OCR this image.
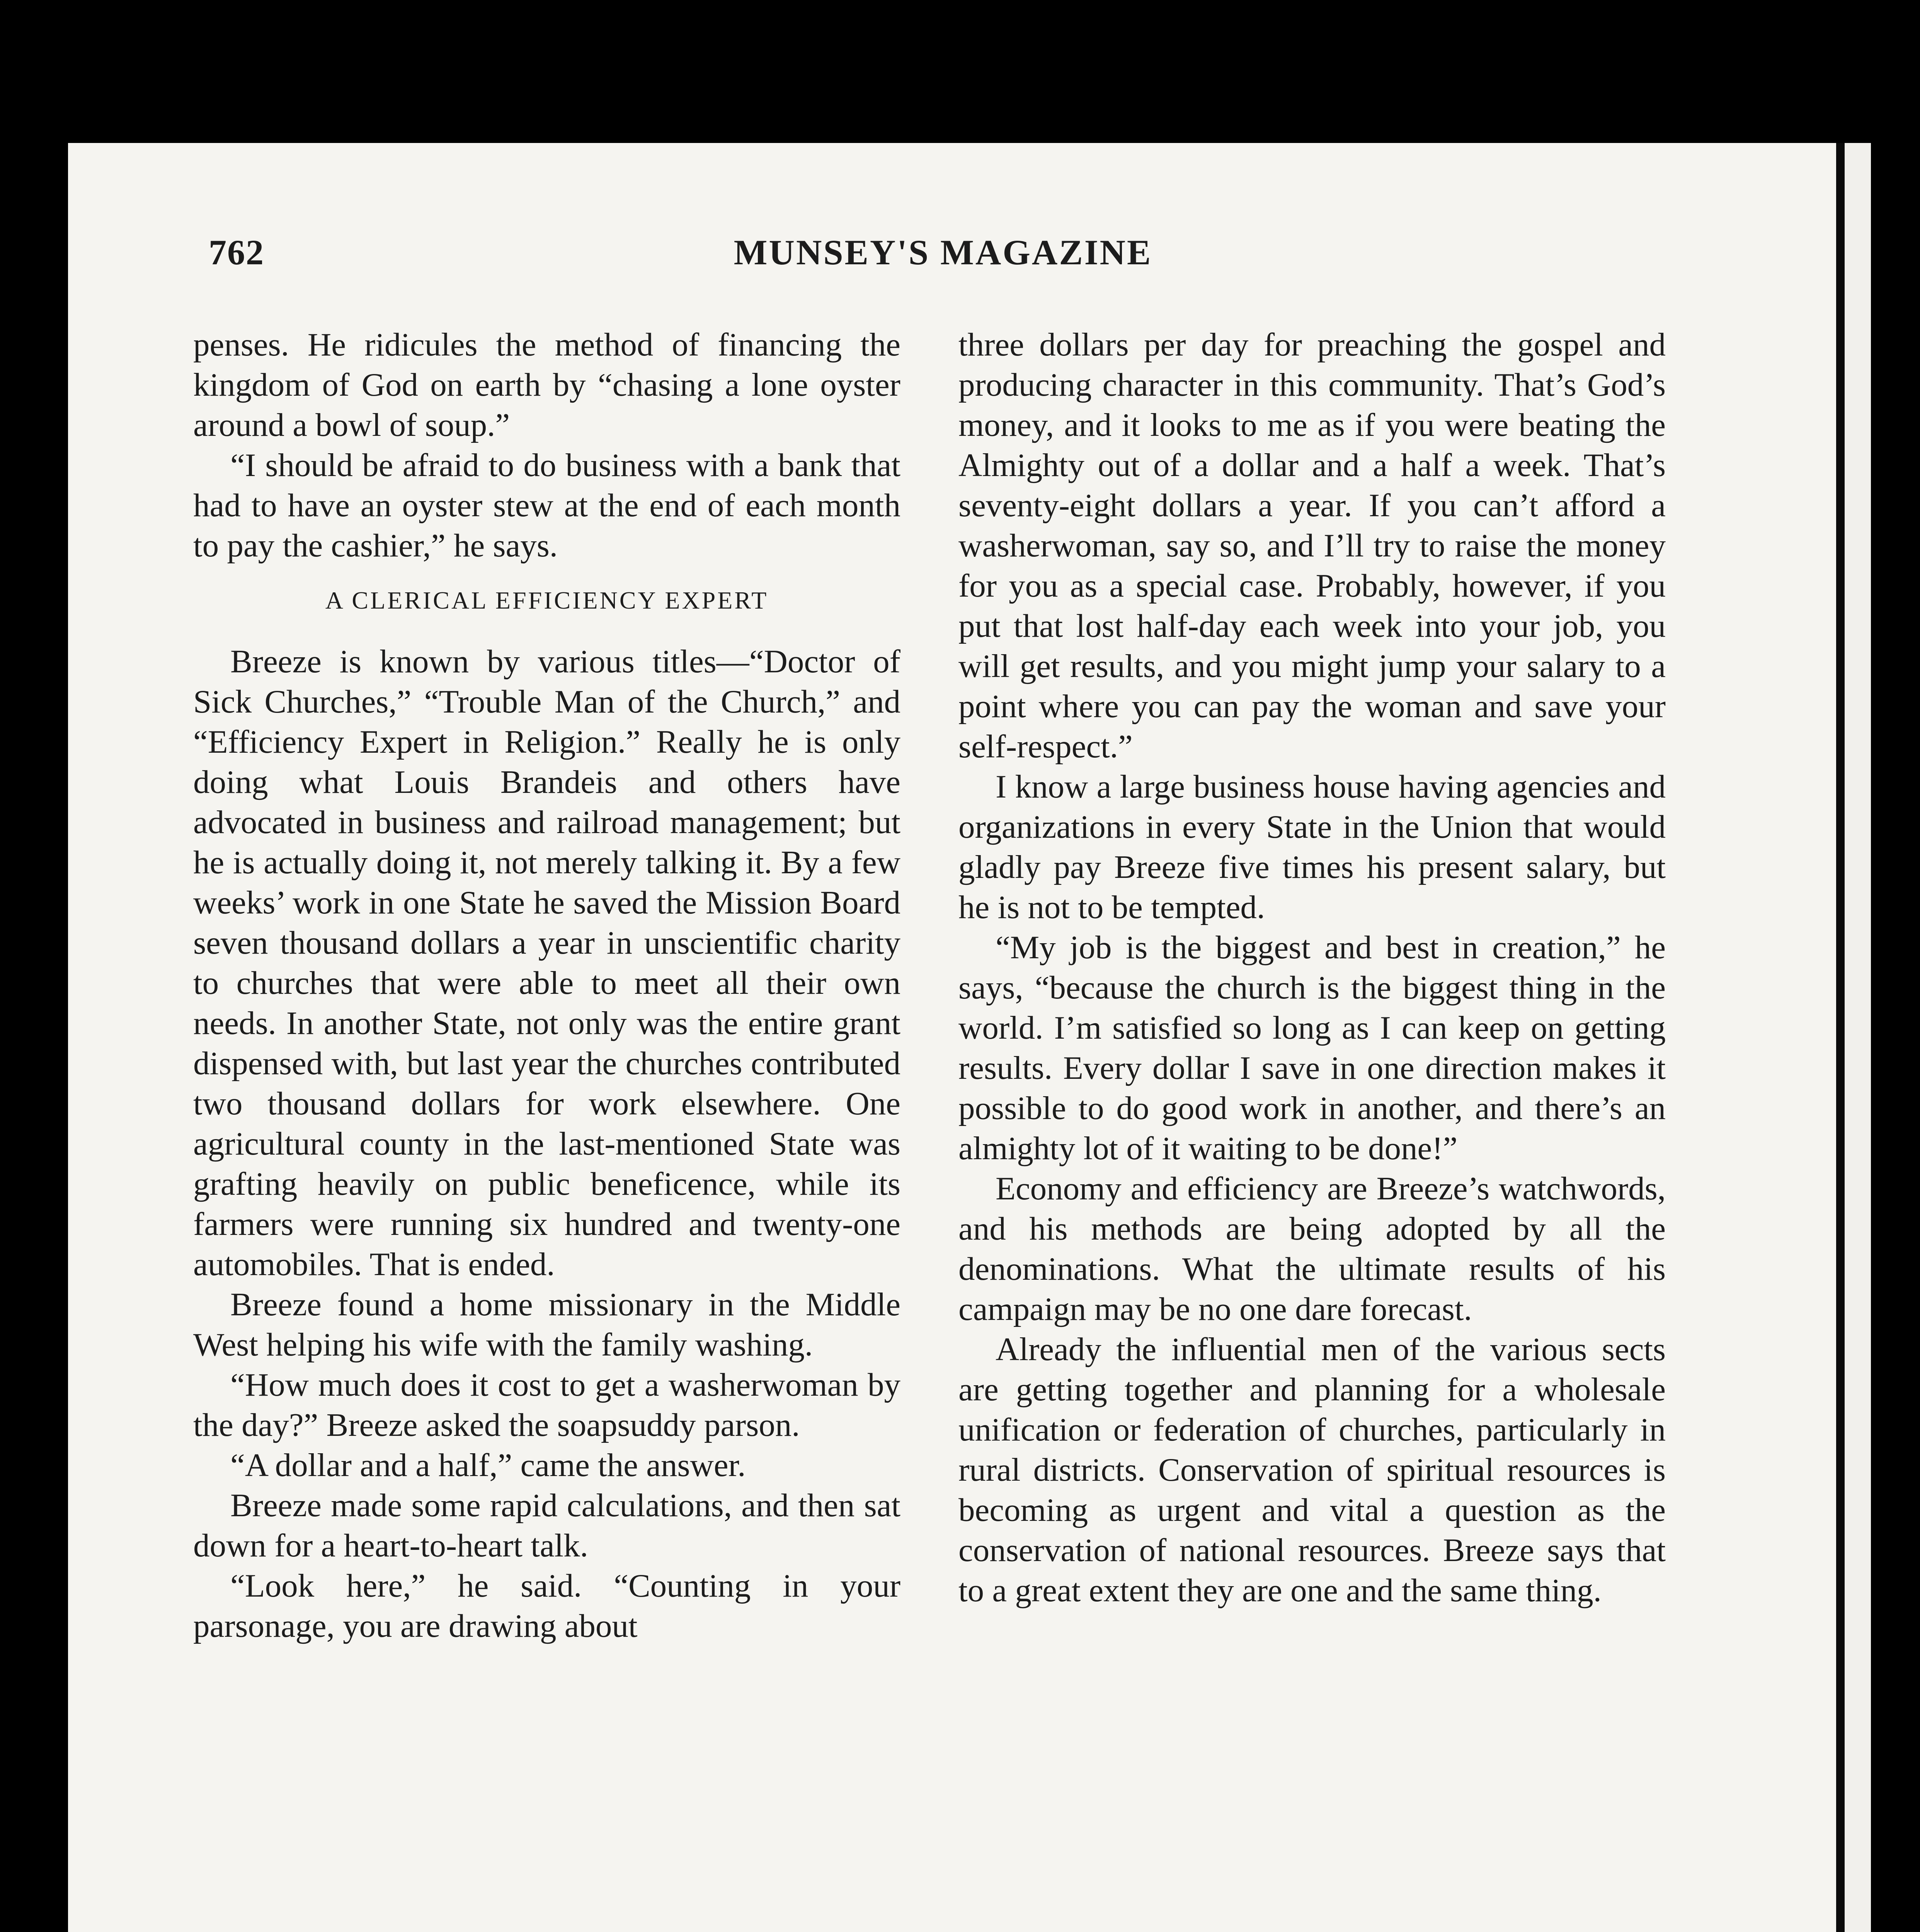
762	MUNSEY'S MAGAZINE

penses. He ridicules the method of financing the kingdom of God on earth by “chasing a lone oyster around a bowl of soup.”

“I should be afraid to do business with a bank that had to have an oyster stew at the end of each month to pay the cashier,” he says.

A CLERICAL EFFICIENCY EXPERT

Breeze is known by various titles—“Doctor of Sick Churches,” “Trouble Man of the Church,” and “Efficiency Expert in Religion.” Really he is only doing what Louis Brandeis and others have advocated in business and railroad management; but he is actually doing it, not merely talking it. By a few weeks’ work in one State he saved the Mission Board seven thousand dollars a year in unscientific charity to churches that were able to meet all their own needs. In another State, not only was the entire grant dispensed with, but last year the churches contributed two thousand dollars for work elsewhere. One agricultural county in the last-mentioned State was grafting heavily on public beneficence, while its farmers were running six hundred and twenty-one automobiles. That is ended.

Breeze found a home missionary in the Middle West helping his wife with the family washing.

“How much does it cost to get a washerwoman by the day?” Breeze asked the soapsuddy parson.

“A dollar and a half,” came the answer.

Breeze made some rapid calculations, and then sat down for a heart-to-heart talk.

“Look here,” he said. “Counting in your parsonage, you are drawing about

three dollars per day for preaching the gospel and producing character in this community. That’s God’s money, and it looks to me as if you were beating the Almighty out of a dollar and a half a week. That’s seventy-eight dollars a year. If you can’t afford a washerwoman, say so, and I’ll try to raise the money for you as a special case. Probably, however, if you put that lost half-day each week into your job, you will get results, and you might jump your salary to a point where you can pay the woman and save your self-respect.”

I know a large business house having agencies and organizations in every State in the Union that would gladly pay Breeze five times his present salary, but he is not to be tempted.

“My job is the biggest and best in creation,” he says, “because the church is the biggest thing in the world. I’m satisfied so long as I can keep on getting results. Every dollar I save in one direction makes it possible to do good work in another, and there’s an almighty lot of it waiting to be done!”

Economy and efficiency are Breeze’s watchwords, and his methods are being adopted by all the denominations. What the ultimate results of his campaign may be no one dare forecast.

Already the influential men of the various sects are getting together and planning for a wholesale unification or federation of churches, particularly in rural districts. Conservation of spiritual resources is becoming as urgent and vital a question as the conservation of national resources. Breeze says that to a great extent they are one and the same thing.
